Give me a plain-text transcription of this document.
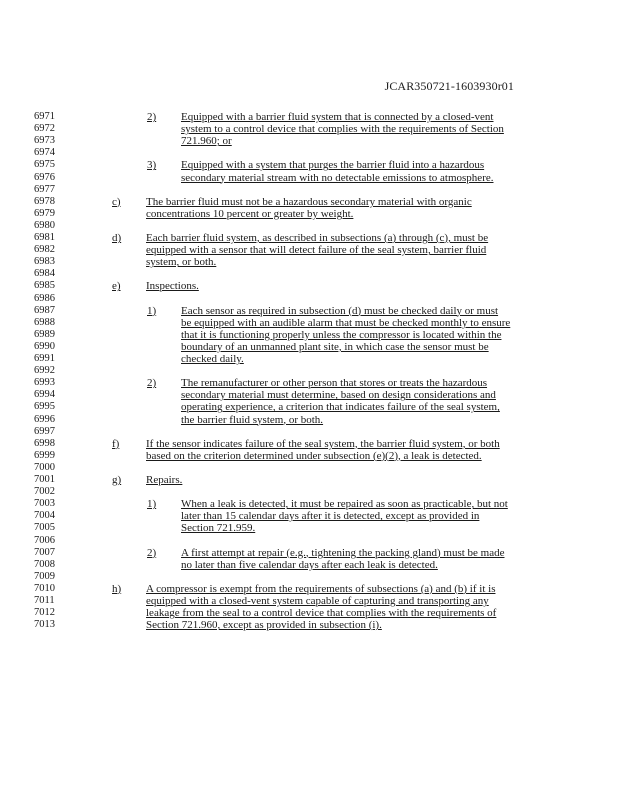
JCAR350721-1603930r01
6971
6972
6973
6974
6975
6976
6977
6978
6979
6980
6981
6982
6983
6984
6985
6986
6987
6988
6989
6990
6991
6992
6993
6994
6995
6996
6997
6998
6999
7000
7001
7002
7003
7004
7005
7006
7007
7008
7009
7010
7011
7012
7013
2) Equipped with a barrier fluid system that is connected by a closed-vent
system to a control device that complies with the requirements of Section
721.960; or
3) Equipped with a system that purges the barrier fluid into a hazardous
secondary material stream with no detectable emissions to atmosphere.
c) The barrier fluid must not be a hazardous secondary material with organic
concentrations 10 percent or greater by weight.
d) Each barrier fluid system, as described in subsections (a) through (c), must be
equipped with a sensor that will detect failure of the seal system, barrier fluid
system, or both.
e) Inspections.
1) Each sensor as required in subsection (d) must be checked daily or must
be equipped with an audible alarm that must be checked monthly to ensure
that it is functioning properly unless the compressor is located within the
boundary of an unmanned plant site, in which case the sensor must be
checked daily.
2) The remanufacturer or other person that stores or treats the hazardous
secondary material must determine, based on design considerations and
operating experience, a criterion that indicates failure of the seal system,
the barrier fluid system, or both.
f) If the sensor indicates failure of the seal system, the barrier fluid system, or both
based on the criterion determined under subsection (e)(2), a leak is detected.
g) Repairs.
1) When a leak is detected, it must be repaired as soon as practicable, but not
later than 15 calendar days after it is detected, except as provided in
Section 721.959.
2) A first attempt at repair (e.g., tightening the packing gland) must be made
no later than five calendar days after each leak is detected.
h) A compressor is exempt from the requirements of subsections (a) and (b) if it is
equipped with a closed-vent system capable of capturing and transporting any
leakage from the seal to a control device that complies with the requirements of
Section 721.960, except as provided in subsection (i).
